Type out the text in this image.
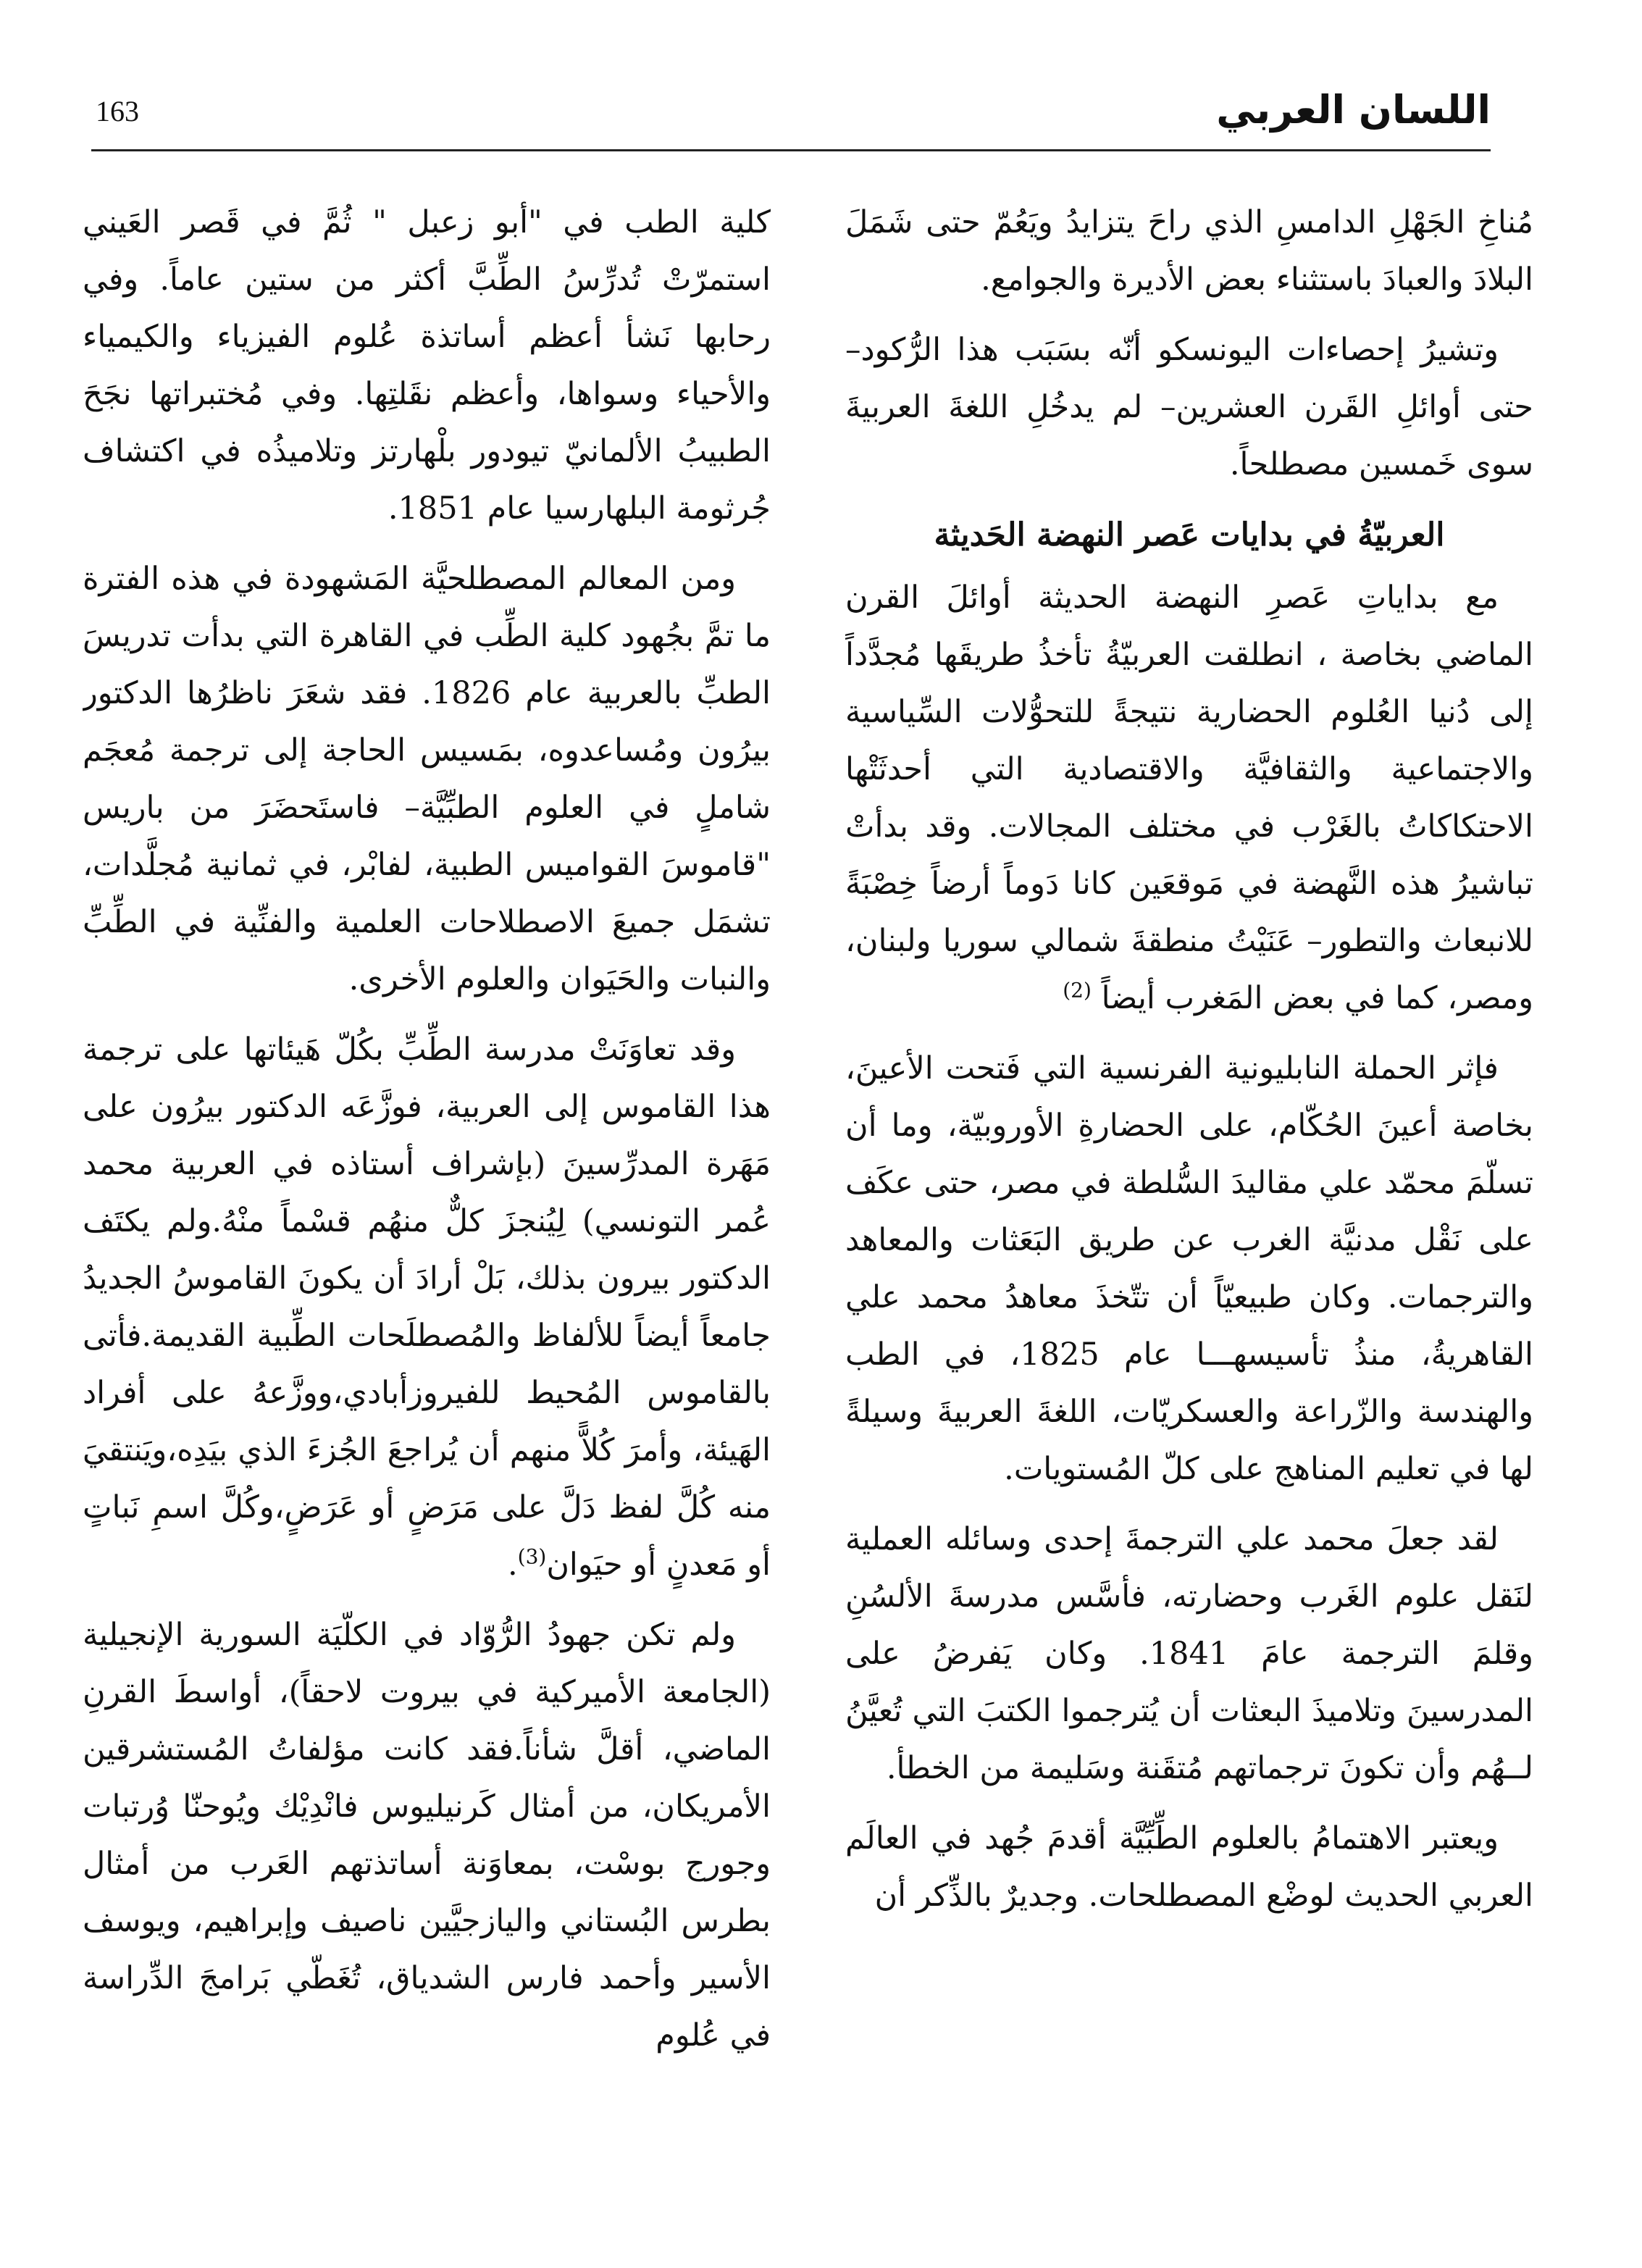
اللسان العربي
163

مُناخِ الجَهْلِ الدامسِ الذي راحَ يتزايدُ ويَعُمّ حتى شَمَلَ البلادَ والعبادَ باستثناء بعض الأديرة والجوامع.

وتشيرُ إحصاءات اليونسكو أنّه بسَبَب هذا الرُّكود– حتى أوائلِ القَرن العشرين– لم يدخُلِ اللغةَ العربيةَ سوى خَمسين مصطلحاً.

العربيّةُ في بدايات عَصر النهضة الحَديثة

مع بداياتِ عَصرِ النهضة الحديثة أوائلَ القرن الماضي بخاصة ، انطلقت العربيّةُ تأخذُ طريقَها مُجدَّداً إلى دُنيا العُلوم الحضارية نتيجةً للتحوُّلات السِّياسية والاجتماعية والثقافيَّة والاقتصادية التي أحدثَتْها الاحتكاكاتُ بالغَرْب في مختلف المجالات. وقد بدأتْ تباشيرُ هذه النَّهضة في مَوقعَين كانا دَوماً أرضاً خِصْبَةً للانبعاث والتطور– عَنَيْتُ منطقةَ شمالي سوريا ولبنان، ومصر، كما في بعض المَغرب أيضاً $^{(2)}$

فإثر الحملة النابليونية الفرنسية التي فَتحت الأعينَ، بخاصة أعينَ الحُكّام، على الحضارةِ الأوروبيّة، وما أن تسلّمَ محمّد علي مقاليدَ السُّلطة في مصر، حتى عكَف على نَقْل مدنيَّة الغرب عن طريق البَعَثات والمعاهد والترجمات. وكان طبيعيّاً أن تتّخذَ معاهدُ محمد علي القاهريةُ، منذُ تأسيسهـــا عام 1825، في الطب والهندسة والزّراعة والعسكريّات، اللغةَ العربيةَ وسيلةً لها في تعليم المناهج على كلّ المُستويات.

لقد جعلَ محمد علي الترجمةَ إحدى وسائله العملية لنَقل علوم الغَرب وحضارته، فأسَّس مدرسةَ الألسُنِ وقلمَ الترجمة عامَ 1841. وكان يَفرضُ على المدرسينَ وتلاميذَ البعثات أن يُترجموا الكتبَ التي تُعيَّنُ لــهُم وأن تكونَ ترجماتهم مُتقَنة وسَليمة من الخطأ.

ويعتبر الاهتمامُ بالعلوم الطِّبِّيَّة أقدمَ جُهد في العالَم العربي الحديث لوضْع المصطلحات. وجديرٌ بالذِّكر أن

كلية الطب في "أبو زعبل " ثُمَّ في قَصر العَيني استمرّتْ تُدرِّسُ الطِّبَّ أكثر من ستين عاماً. وفي رحابها نَشأ أعظم أساتذة عُلوم الفيزياء والكيمياء والأحياء وسواها، وأعظم نقَلتِها. وفي مُختبراتها نجَحَ الطبيبُ الألمانيّ تيودور بلْهارتز وتلاميذُه في اكتشاف جُرثومة البلهارسيا عام 1851.

ومن المعالم المصطلحيَّة المَشهودة في هذه الفترة ما تمَّ بجُهود كلية الطِّب في القاهرة التي بدأت تدريسَ الطبِّ بالعربية عام 1826. فقد شعَرَ ناظرُها الدكتور بيرُون ومُساعدوه، بمَسيس الحاجة إلى ترجمة مُعجَم شاملٍ في العلوم الطبِّيَّة– فاستَحضَرَ من باريس "قاموسَ القواميس الطبية، لفابْر، في ثمانية مُجلَّدات، تشمَل جميعَ الاصطلاحات العلمية والفنِّية في الطِّبِّ والنبات والحَيَوان والعلوم الأخرى.

وقد تعاوَنَتْ مدرسة الطِّبِّ بكُلّ هَيئاتها على ترجمة هذا القاموس إلى العربية، فوزَّعَه الدكتور بيرُون على مَهَرة المدرِّسينَ (بإشراف أستاذه في العربية محمد عُمر التونسي) لِيُنجزَ كلٌّ منهُم قسْماً منْهُ.ولم يكتَف الدكتور بيرون بذلك، بَلْ أرادَ أن يكونَ القاموسُ الجديدُ جامعاً أيضاً للألفاظ والمُصطلَحات الطِّبية القديمة.فأتى بالقاموس المُحيط للفيروزأبادي،ووزَّعهُ على أفراد الهَيئة، وأمرَ كُلاًّ منهم أن يُراجعَ الجُزءَ الذي بيَدِه،ويَنتقيَ منه كُلَّ لفظ دَلَّ على مَرَضٍ أو عَرَضٍ،وكُلَّ اسمِ نَباتٍ أو مَعدنٍ أو حيَوان$^{(3)}$.

ولم تكن جهودُ الرُّوّاد في الكلّيَة السورية الإنجيلية (الجامعة الأميركية في بيروت لاحقاً)، أواسطَ القرنِ الماضي، أقلَّ شأناً.فقد كانت مؤلفاتُ المُستشرقين الأمريكان، من أمثال كَرنيليوس فانْدِيْك ويُوحنّا وُرتبات وجورج بوسْت، بمعاوَنة أساتذتهم العَرب من أمثال بطرس البُستاني واليازجيَّين ناصيف وإبراهيم، ويوسف الأسير وأحمد فارس الشدياق، تُغَطّي بَرامجَ الدِّراسة في عُلوم
